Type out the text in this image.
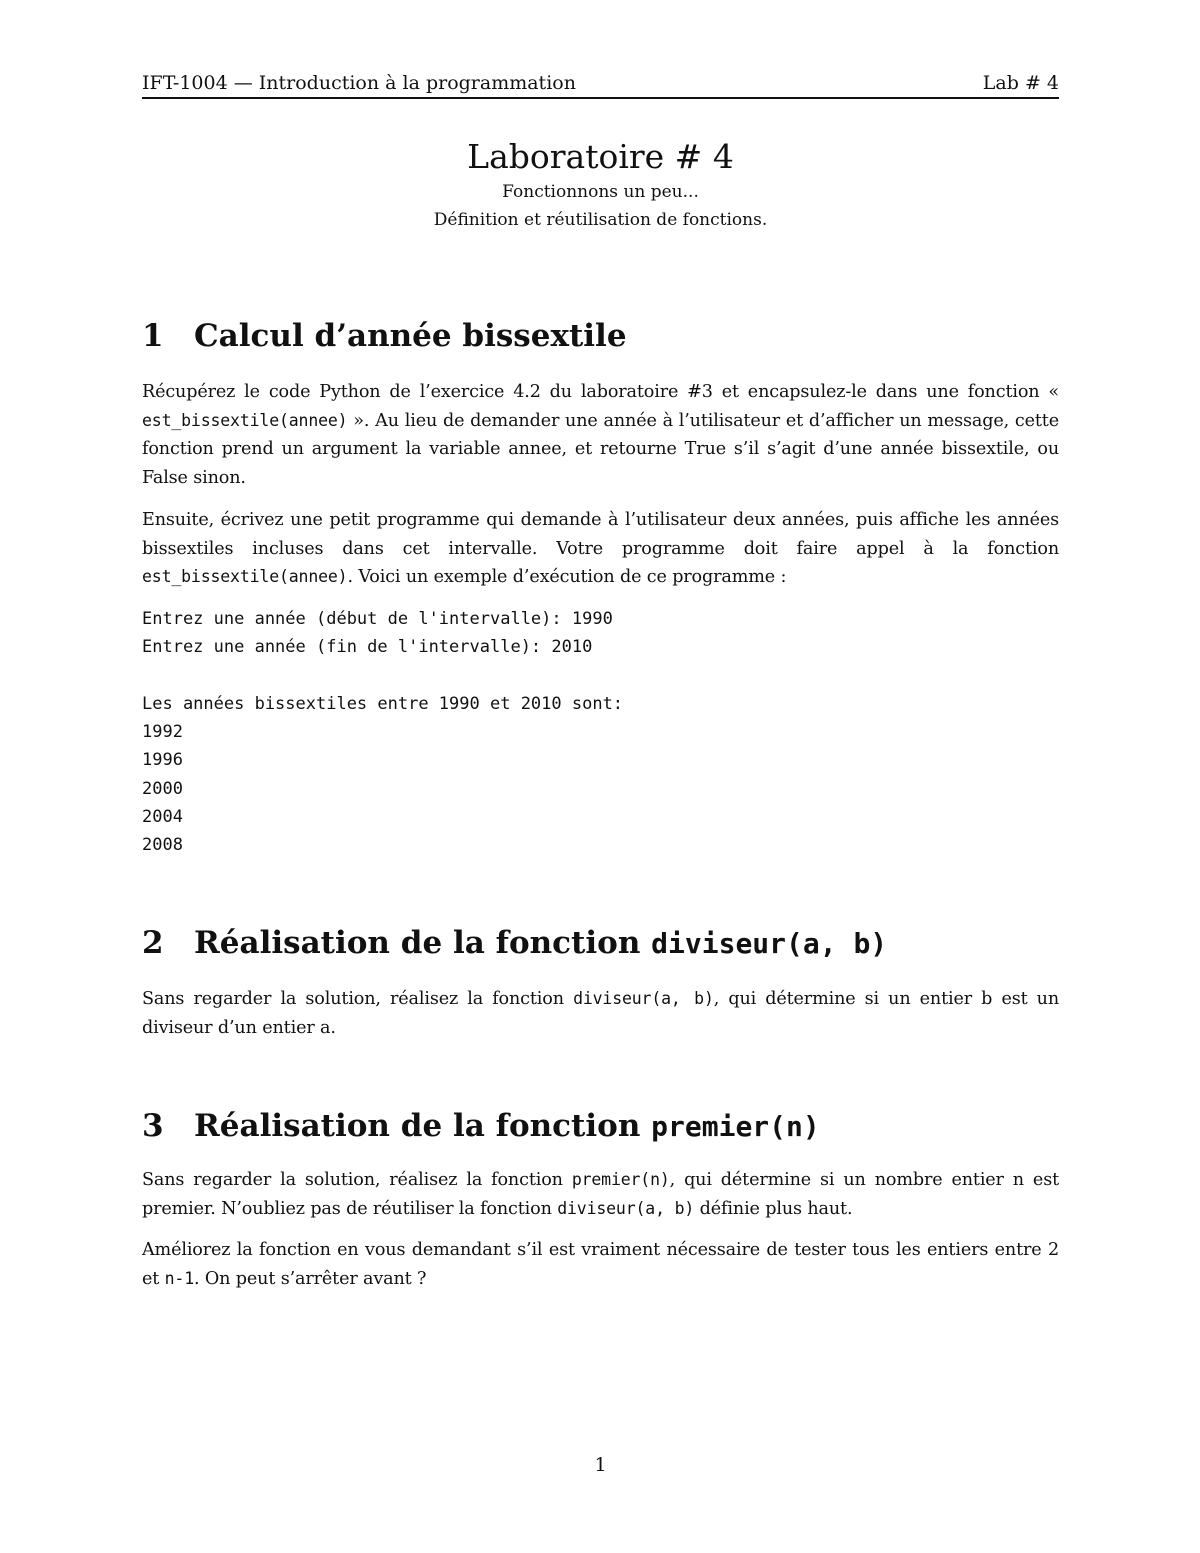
IFT-1004 — Introduction à la programmation	Lab # 4
Laboratoire # 4

Fonctionnons un peu...

Définition et réutilisation de fonctions.

1 Calcul d’année bissextile

Récupérez le code Python de l’exercice 4.2 du laboratoire #3 et encapsulez-le dans une fonction « est_bissextile(annee) ». Au lieu de demander une année à l’utilisateur et d’afficher un message, cette fonction prend un argument la variable annee, et retourne True s’il s’agit d’une année bissextile, ou False sinon.

Ensuite, écrivez une petit programme qui demande à l’utilisateur deux années, puis affiche les années bissextiles incluses dans cet intervalle. Votre programme doit faire appel à la fonction est_bissextile(annee). Voici un exemple d’exécution de ce programme :

Entrez une année (début de l'intervalle): 1990
Entrez une année (fin de l'intervalle): 2010
Les années bissextiles entre 1990 et 2010 sont:
1992
1996
2000
2004
2008
2 Réalisation de la fonction diviseur(a, b)

Sans regarder la solution, réalisez la fonction diviseur(a, b), qui détermine si un entier b est un diviseur d’un entier a.

3 Réalisation de la fonction premier(n)

Sans regarder la solution, réalisez la fonction premier(n), qui détermine si un nombre entier n est premier. N’oubliez pas de réutiliser la fonction diviseur(a, b) définie plus haut.

Améliorez la fonction en vous demandant s’il est vraiment nécessaire de tester tous les entiers entre 2 et n-1. On peut s’arrêter avant ?

1
